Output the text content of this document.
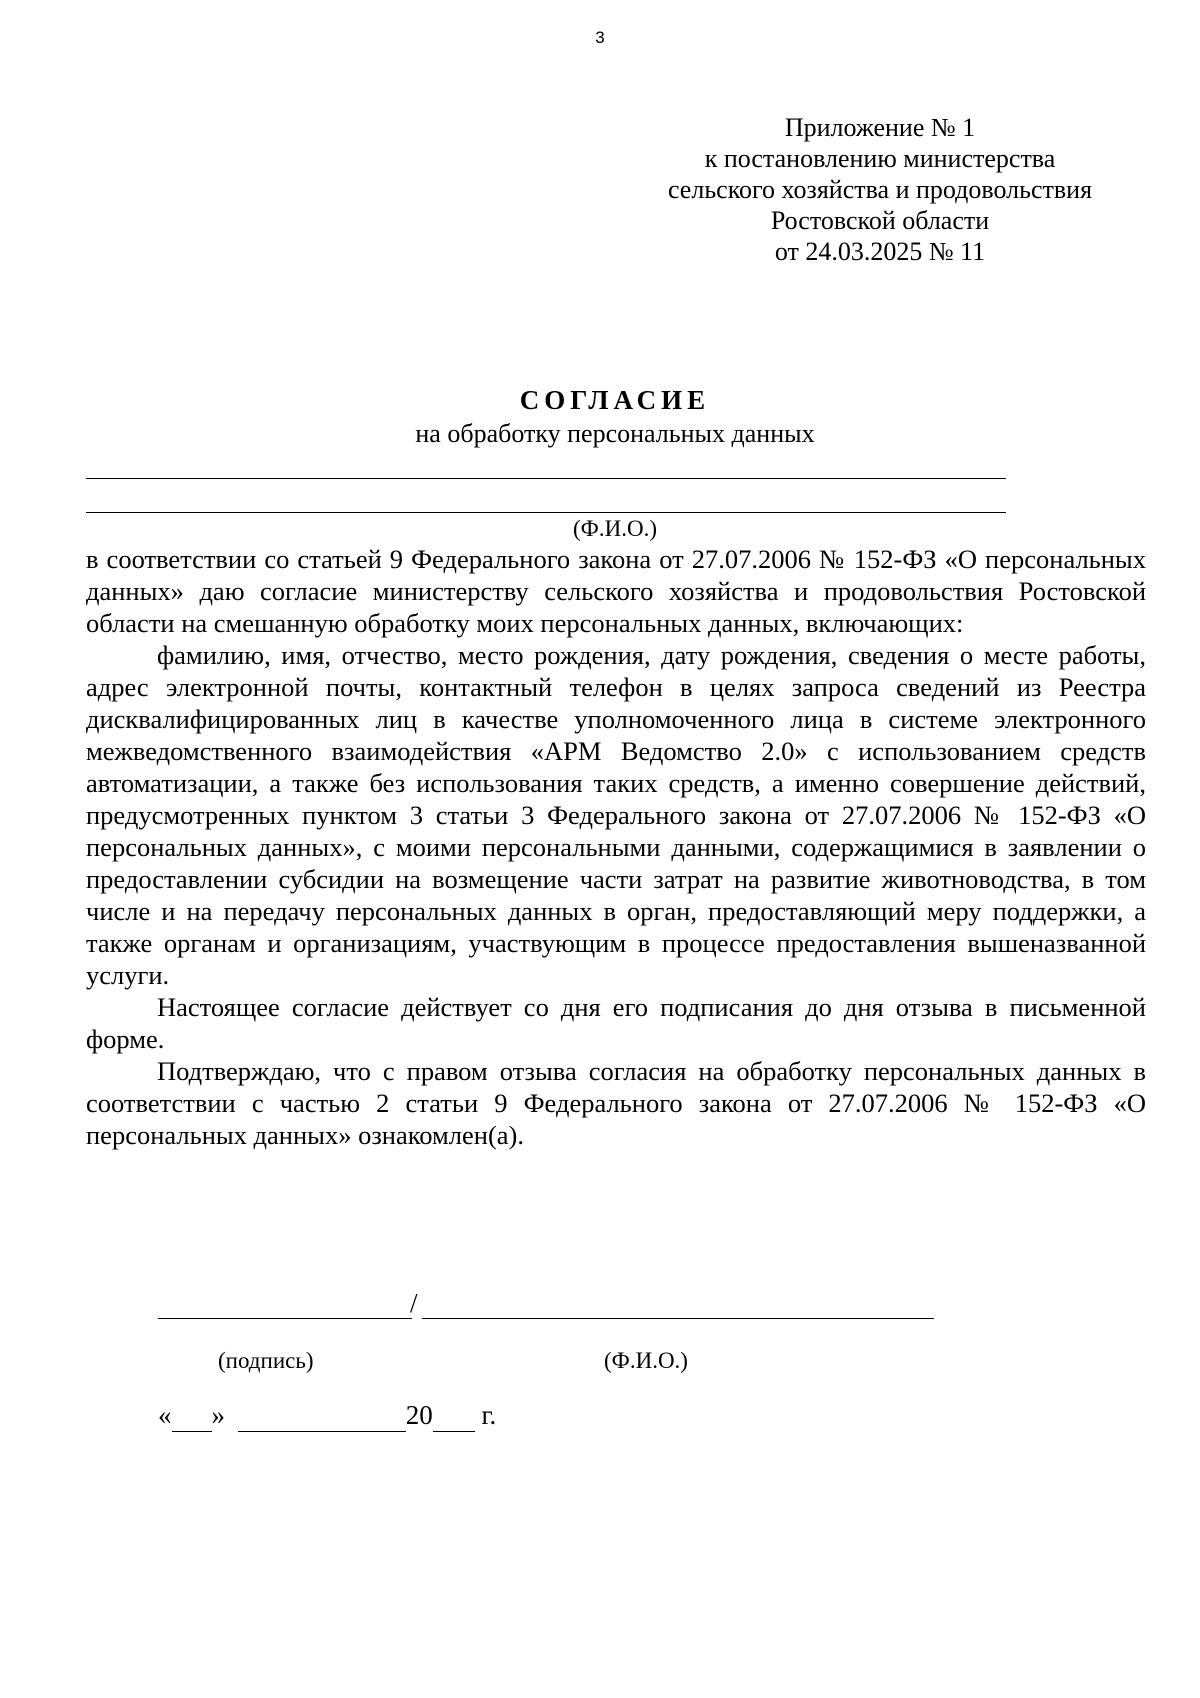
3
Приложение № 1
к постановлению министерства
сельского хозяйства и продовольствия
Ростовской области
от 24.03.2025 № 11
СОГЛАСИЕ
на обработку персональных данных
(Ф.И.О.)

в соответствии со статьей 9 Федерального закона от 27.07.2006 № 152-ФЗ «О персональных данных» даю согласие министерству сельского хозяйства и продовольствия Ростовской области на смешанную обработку моих персональных данных, включающих:

фамилию, имя, отчество, место рождения, дату рождения, сведения о месте работы, адрес электронной почты, контактный телефон в целях запроса сведений из Реестра дисквалифицированных лиц в качестве уполномоченного лица в системе электронного межведомственного взаимодействия «АРМ Ведомство 2.0» с использованием средств автоматизации, а также без использования таких средств, а именно совершение действий, предусмотренных пунктом 3 статьи 3 Федерального закона от 27.07.2006 № 152-ФЗ «О персональных данных», с моими персональными данными, содержащимися в заявлении о предоставлении субсидии на возмещение части затрат на развитие животноводства, в том числе и на передачу персональных данных в орган, предоставляющий меру поддержки, а также органам и организациям, участвующим в процессе предоставления вышеназванной услуги.

Настоящее согласие действует со дня его подписания до дня отзыва в письменной форме.

Подтверждаю, что с правом отзыва согласия на обработку персональных данных в соответствии с частью 2 статьи 9 Федерального закона от 27.07.2006 № 152-ФЗ «О персональных данных» ознакомлен(а).

/
(подпись)	(Ф.И.О.)
« »	20 г.
